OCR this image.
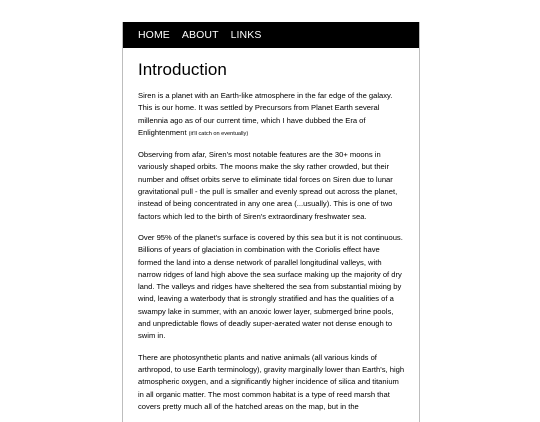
HOME ABOUT LINKS
Introduction

Siren is a planet with an Earth-like atmosphere in the far edge of the galaxy. This is our home. It was settled by Precursors from Planet Earth several millennia ago as of our current time, which I have dubbed the Era of Enlightenment (it'll catch on eventually)

Observing from afar, Siren's most notable features are the 30+ moons in variously shaped orbits. The moons make the sky rather crowded, but their number and offset orbits serve to eliminate tidal forces on Siren due to lunar gravitational pull - the pull is smaller and evenly spread out across the planet, instead of being concentrated in any one area (...usually). This is one of two factors which led to the birth of Siren's extraordinary freshwater sea.

Over 95% of the planet's surface is covered by this sea but it is not continuous. Billions of years of glaciation in combination with the Coriolis effect have formed the land into a dense network of parallel longitudinal valleys, with narrow ridges of land high above the sea surface making up the majority of dry land. The valleys and ridges have sheltered the sea from substantial mixing by wind, leaving a waterbody that is strongly stratified and has the qualities of a swampy lake in summer, with an anoxic lower layer, submerged brine pools, and unpredictable flows of deadly super-aerated water not dense enough to swim in.

There are photosynthetic plants and native animals (all various kinds of arthropod, to use Earth terminology), gravity marginally lower than Earth's, high atmospheric oxygen, and a significantly higher incidence of silica and titanium in all organic matter. The most common habitat is a type of reed marsh that covers pretty much all of the hatched areas on the map, but in the
